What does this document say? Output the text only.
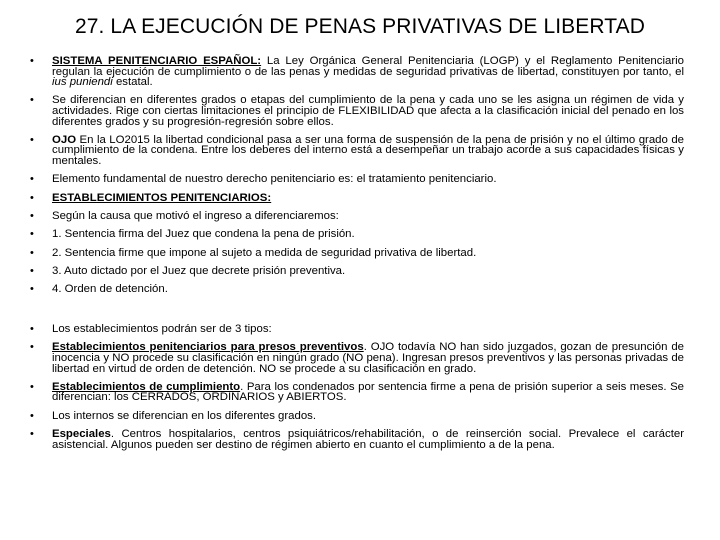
27. LA EJECUCIÓN DE PENAS PRIVATIVAS DE LIBERTAD
• SISTEMA PENITENCIARIO ESPAÑOL: La Ley Orgánica General Penitenciaria (LOGP) y el Reglamento Penitenciario regulan la ejecución de cumplimiento o de las penas y medidas de seguridad privativas de libertad, constituyen por tanto, el ius puniendi estatal.
• Se diferencian en diferentes grados o etapas del cumplimiento de la pena y cada uno se les asigna un régimen de vida y actividades. Rige con ciertas limitaciones el principio de FLEXIBILIDAD que afecta a la clasificación inicial del penado en los diferentes grados y su progresión-regresión sobre ellos.
• OJO En la LO2015 la libertad condicional pasa a ser una forma de suspensión de la pena de prisión y no el último grado de cumplimiento de la condena. Entre los deberes del interno está a desempeñar un trabajo acorde a sus capacidades físicas y mentales.
• Elemento fundamental de nuestro derecho penitenciario es: el tratamiento penitenciario.
• ESTABLECIMIENTOS PENITENCIARIOS:
• Según la causa que motivó el ingreso a diferenciaremos:
• 1. Sentencia firma del Juez que condena la pena de prisión.
• 2. Sentencia firme que impone al sujeto a medida de seguridad privativa de libertad.
• 3. Auto dictado por el Juez que decrete prisión preventiva.
• 4. Orden de detención.
• Los establecimientos podrán ser de 3 tipos:
• Establecimientos penitenciarios para presos preventivos. OJO todavía NO han sido juzgados, gozan de presunción de inocencia y NO procede su clasificación en ningún grado (NO pena). Ingresan presos preventivos y las personas privadas de libertad en virtud de orden de detención. NO se procede a su clasificación en grado.
• Establecimientos de cumplimiento. Para los condenados por sentencia firme a pena de prisión superior a seis meses. Se diferencian: los CERRADOS, ORDINARIOS y ABIERTOS.
• Los internos se diferencian en los diferentes grados.
• Especiales. Centros hospitalarios, centros psiquiátricos/rehabilitación, o de reinserción social. Prevalece el carácter asistencial. Algunos pueden ser destino de régimen abierto en cuanto el cumplimiento a de la pena.
